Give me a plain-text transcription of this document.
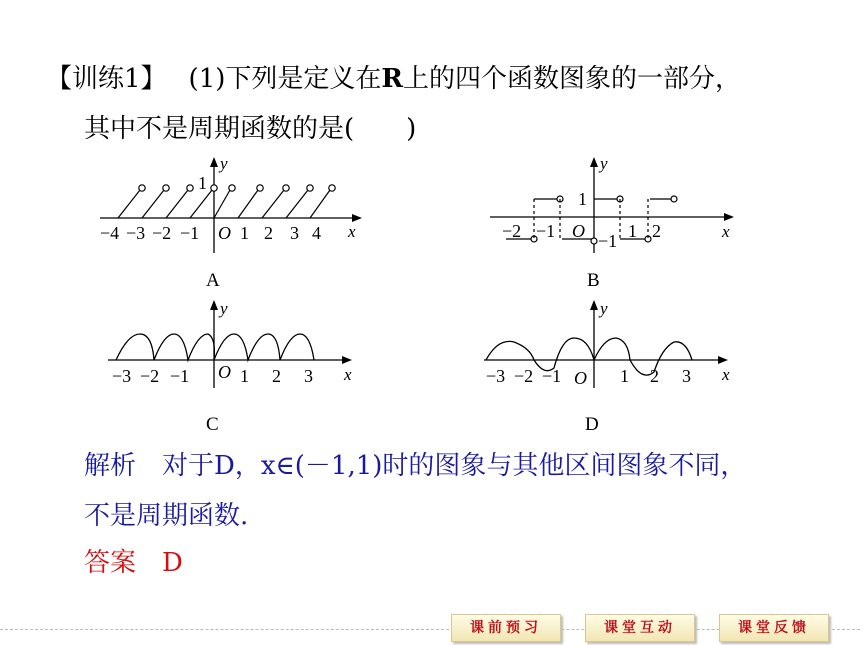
【训练1】 (1)下列是定义在R上的四个函数图象的一部分，
其中不是周期函数的是(　　)
y
x
1
O
−4 −3 −2 −1 1 2 3 4
A
y
x
1
−1
O
−2 −1	1 2
B
y
x
O
−3 −2 −1	1 2 3
C
y
x
O
−3 −2 −1	1 2 3
D
解析 对于D，x∈(－1,1)时的图象与其他区间图象不同，
不是周期函数.
答案 D
课前预习	课堂互动	课堂反馈
